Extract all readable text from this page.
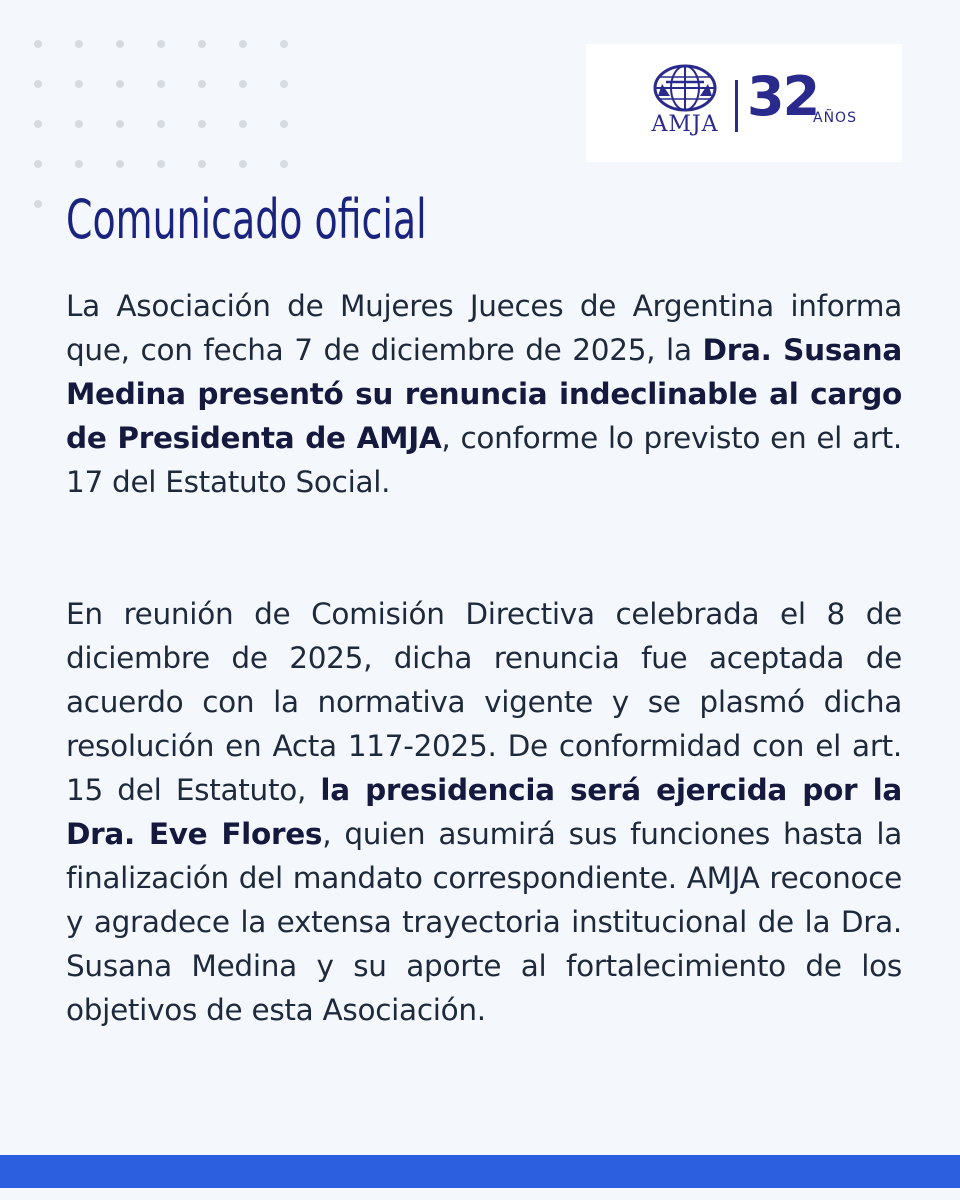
AMJA 32
AÑOS
Comunicado oficial

La Asociación de Mujeres Jueces de Argentina informa que, con fecha 7 de diciembre de 2025, la Dra. Susana Medina presentó su renuncia indeclinable al cargo de Presidenta de AMJA, conforme lo previsto en el art. 17 del Estatuto Social.

En reunión de Comisión Directiva celebrada el 8 de diciembre de 2025, dicha renuncia fue aceptada de acuerdo con la normativa vigente y se plasmó dicha resolución en Acta 117-2025. De conformidad con el art. 15 del Estatuto, la presidencia será ejercida por la Dra. Eve Flores, quien asumirá sus funciones hasta la finalización del mandato correspondiente. AMJA reconoce y agradece la extensa trayectoria institucional de la Dra. Susana Medina y su aporte al fortalecimiento de los objetivos de esta Asociación.
